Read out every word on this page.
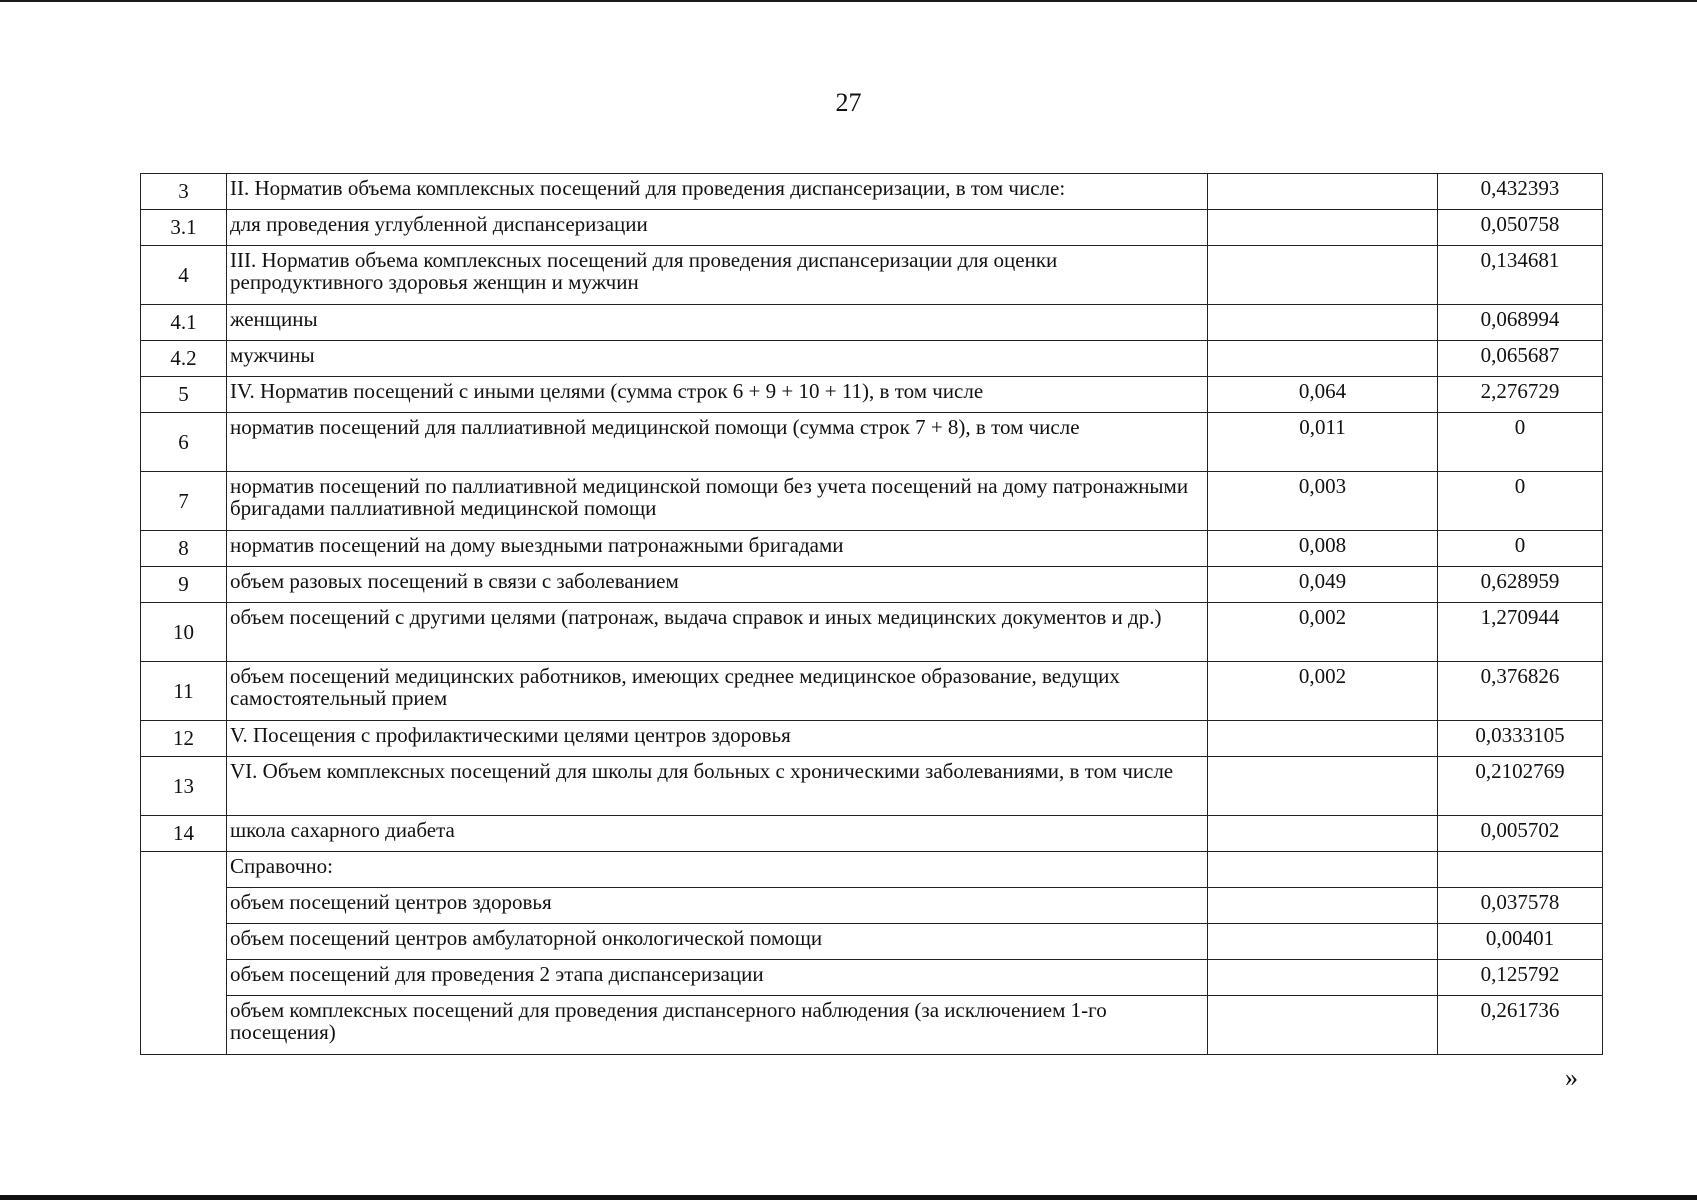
27
3	II. Норматив объема комплексных посещений для проведения диспансеризации, в том числе:		0,432393
3.1	для проведения углубленной диспансеризации		0,050758
4	III. Норматив объема комплексных посещений для проведения диспансеризации для оценки репродуктивного здоровья женщин и мужчин		0,134681
4.1	женщины		0,068994
4.2	мужчины		0,065687
5	IV. Норматив посещений с иными целями (сумма строк 6 + 9 + 10 + 11), в том числе	0,064	2,276729
6	норматив посещений для паллиативной медицинской помощи (сумма строк 7 + 8), в том числе	0,011	0
7	норматив посещений по паллиативной медицинской помощи без учета посещений на дому патронажными бригадами паллиативной медицинской помощи	0,003	0
8	норматив посещений на дому выездными патронажными бригадами	0,008	0
9	объем разовых посещений в связи с заболеванием	0,049	0,628959
10	объем посещений с другими целями (патронаж, выдача справок и иных медицинских документов и др.)	0,002	1,270944
11	объем посещений медицинских работников, имеющих среднее медицинское образование, ведущих самостоятельный прием	0,002	0,376826
12	V. Посещения с профилактическими целями центров здоровья		0,0333105
13	VI. Объем комплексных посещений для школы для больных с хроническими заболеваниями, в том числе		0,2102769
14	школа сахарного диабета		0,005702
	Справочно:		
	объем посещений центров здоровья		0,037578
	объем посещений центров амбулаторной онкологической помощи		0,00401
	объем посещений для проведения 2 этапа диспансеризации		0,125792
	объем комплексных посещений для проведения диспансерного наблюдения (за исключением 1-го посещения)		0,261736
»
